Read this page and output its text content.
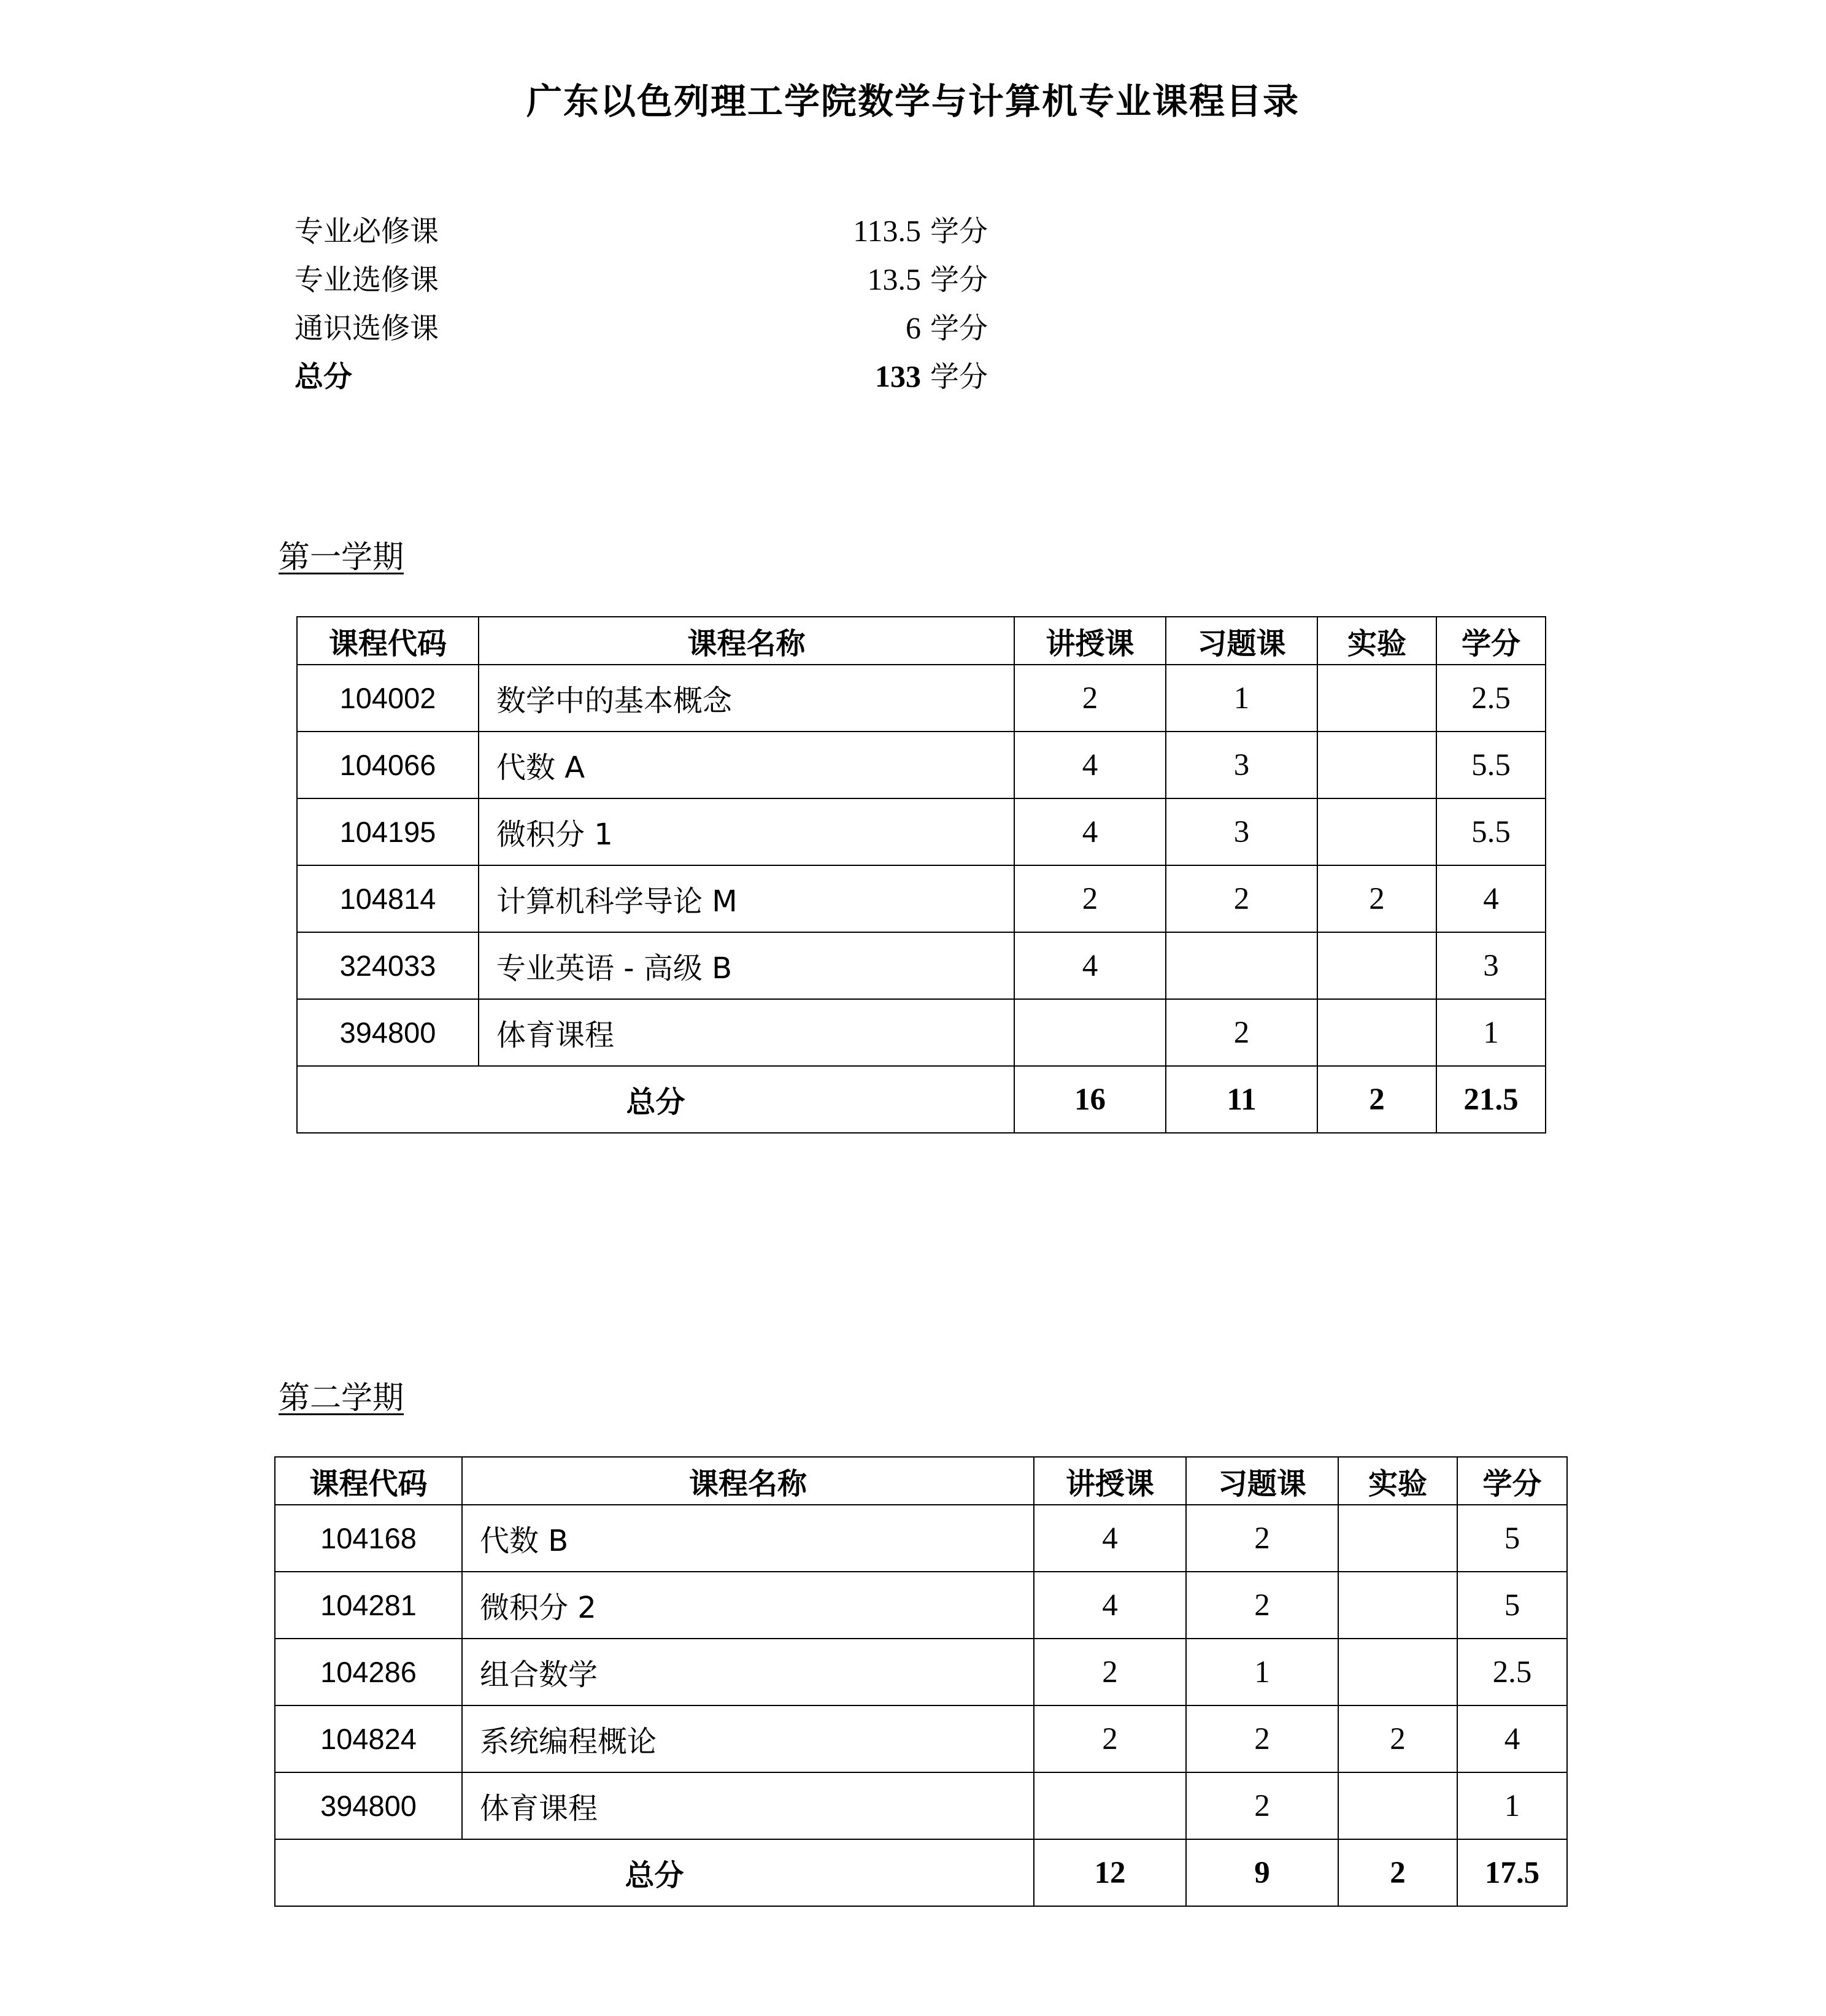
广东以色列理工学院数学与计算机专业课程目录
专业必修课	113.5 学分
专业选修课	13.5 学分
通识选修课	6 学分
总分	133 学分
第一学期
课程代码	课程名称	讲授课	习题课	实验	学分
104002	数学中的基本概念	2	1		2.5
104066	代数 A	4	3		5.5
104195	微积分 1	4	3		5.5
104814	计算机科学导论 M	2	2	2	4
324033	专业英语 - 高级 B	4			3
394800	体育课程		2		1
总分		16	11	2	21.5
第二学期
课程代码	课程名称	讲授课	习题课	实验	学分
104168	代数 B	4	2		5
104281	微积分 2	4	2		5
104286	组合数学	2	1		2.5
104824	系统编程概论	2	2	2	4
394800	体育课程		2		1
总分		12	9	2	17.5
